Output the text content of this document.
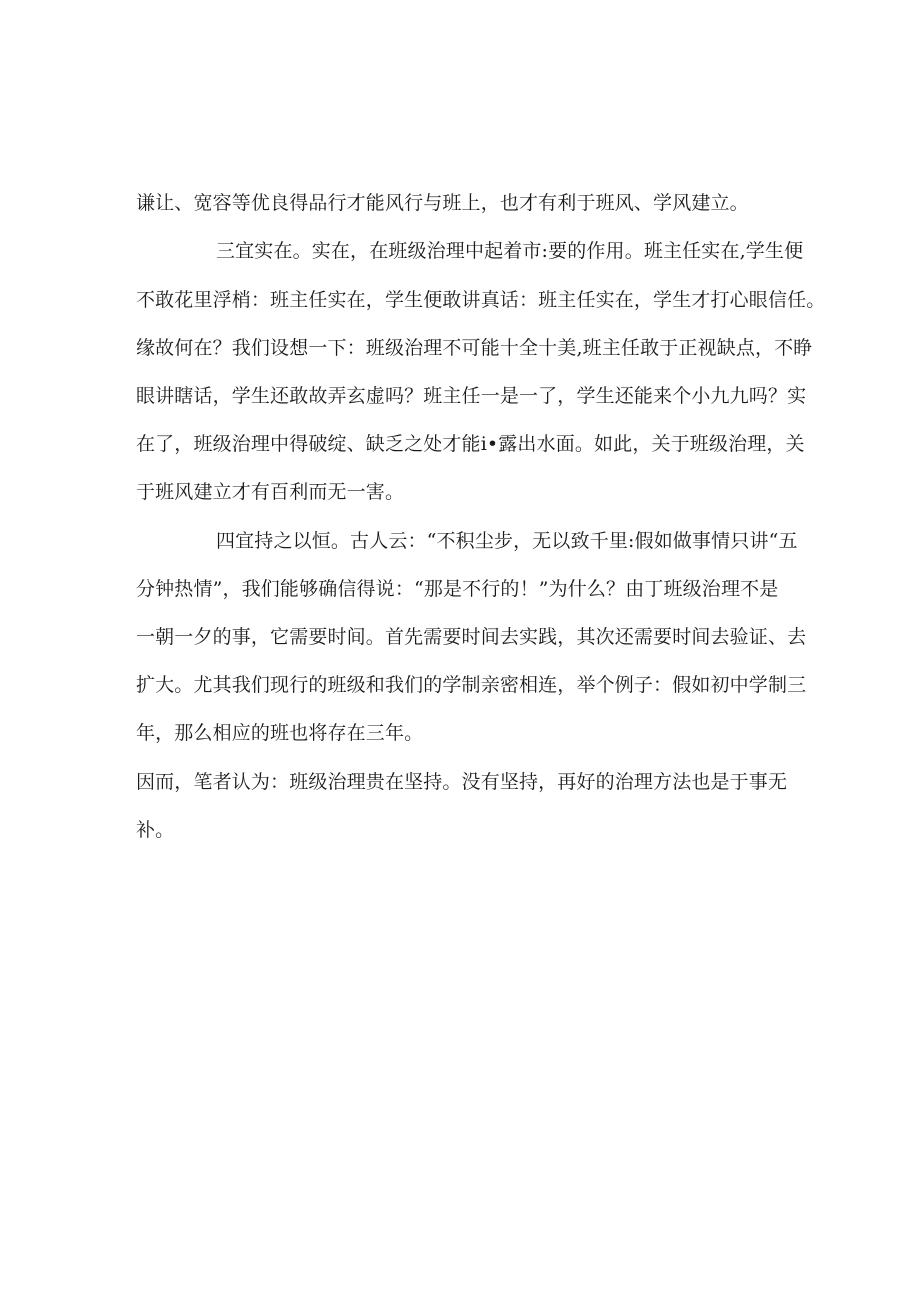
谦让、宽容等优良得品行才能风行与班上，也才有利于班风、学风建立。

三宜实在。实在，在班级治理中起着市:要的作用。班主任实在,学生便

不敢花里浮梢：班主任实在，学生便敢讲真话：班主任实在，学生才打心眼信任。

缘故何在？我们设想一下：班级治理不可能十全十美,班主任敢于正视缺点，不睁

眼讲瞎话，学生还敢故弄玄虚吗？班主任一是一了，学生还能来个小九九吗？实

在了，班级治理中得破绽、缺乏之处才能i•露出水面。如此，关于班级治理，关

于班风建立才有百利而无一害。

四宜持之以恒。古人云：“不积尘步，无以致千里:假如做事情只讲“五

分钟热情”，我们能够确信得说：“那是不行的！”为什么？由丁班级治理不是

一朝一夕的事，它需要时间。首先需要时间去实践，其次还需要时间去验证、去

扩大。尤其我们现行的班级和我们的学制亲密相连，举个例子：假如初中学制三

年，那么相应的班也将存在三年。

因而，笔者认为：班级治理贵在坚持。没有坚持，再好的治理方法也是于事无

补。
